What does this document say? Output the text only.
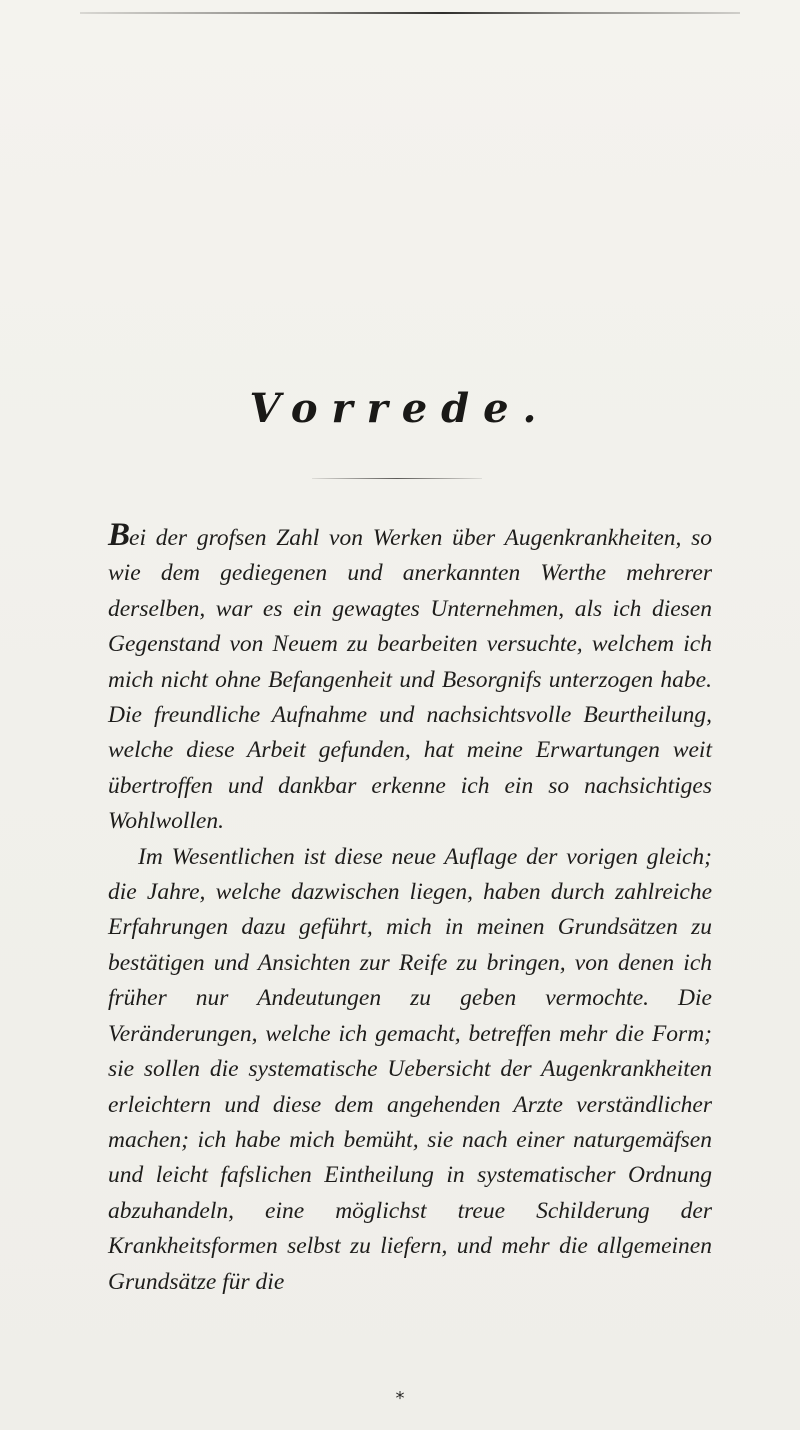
Vorrede.

Bei der grofsen Zahl von Werken über Augenkrankheiten, so wie dem gediegenen und anerkannten Werthe mehrerer derselben, war es ein gewagtes Unternehmen, als ich diesen Gegenstand von Neuem zu bearbeiten versuchte, welchem ich mich nicht ohne Befangenheit und Besorgnifs unterzogen habe. Die freundliche Aufnahme und nachsichtsvolle Beurtheilung, welche diese Arbeit gefunden, hat meine Erwartungen weit übertroffen und dankbar erkenne ich ein so nachsichtiges Wohlwollen.

Im Wesentlichen ist diese neue Auflage der vorigen gleich; die Jahre, welche dazwischen liegen, haben durch zahlreiche Erfahrungen dazu geführt, mich in meinen Grundsätzen zu bestätigen und Ansichten zur Reife zu bringen, von denen ich früher nur Andeutungen zu geben vermochte. Die Veränderungen, welche ich gemacht, betreffen mehr die Form; sie sollen die systematische Uebersicht der Augenkrankheiten erleichtern und diese dem angehenden Arzte verständlicher machen; ich habe mich bemüht, sie nach einer naturgemäfsen und leicht fafslichen Eintheilung in systematischer Ordnung abzuhandeln, eine möglichst treue Schilderung der Krankheitsformen selbst zu liefern, und mehr die allgemeinen Grundsätze für die

*
